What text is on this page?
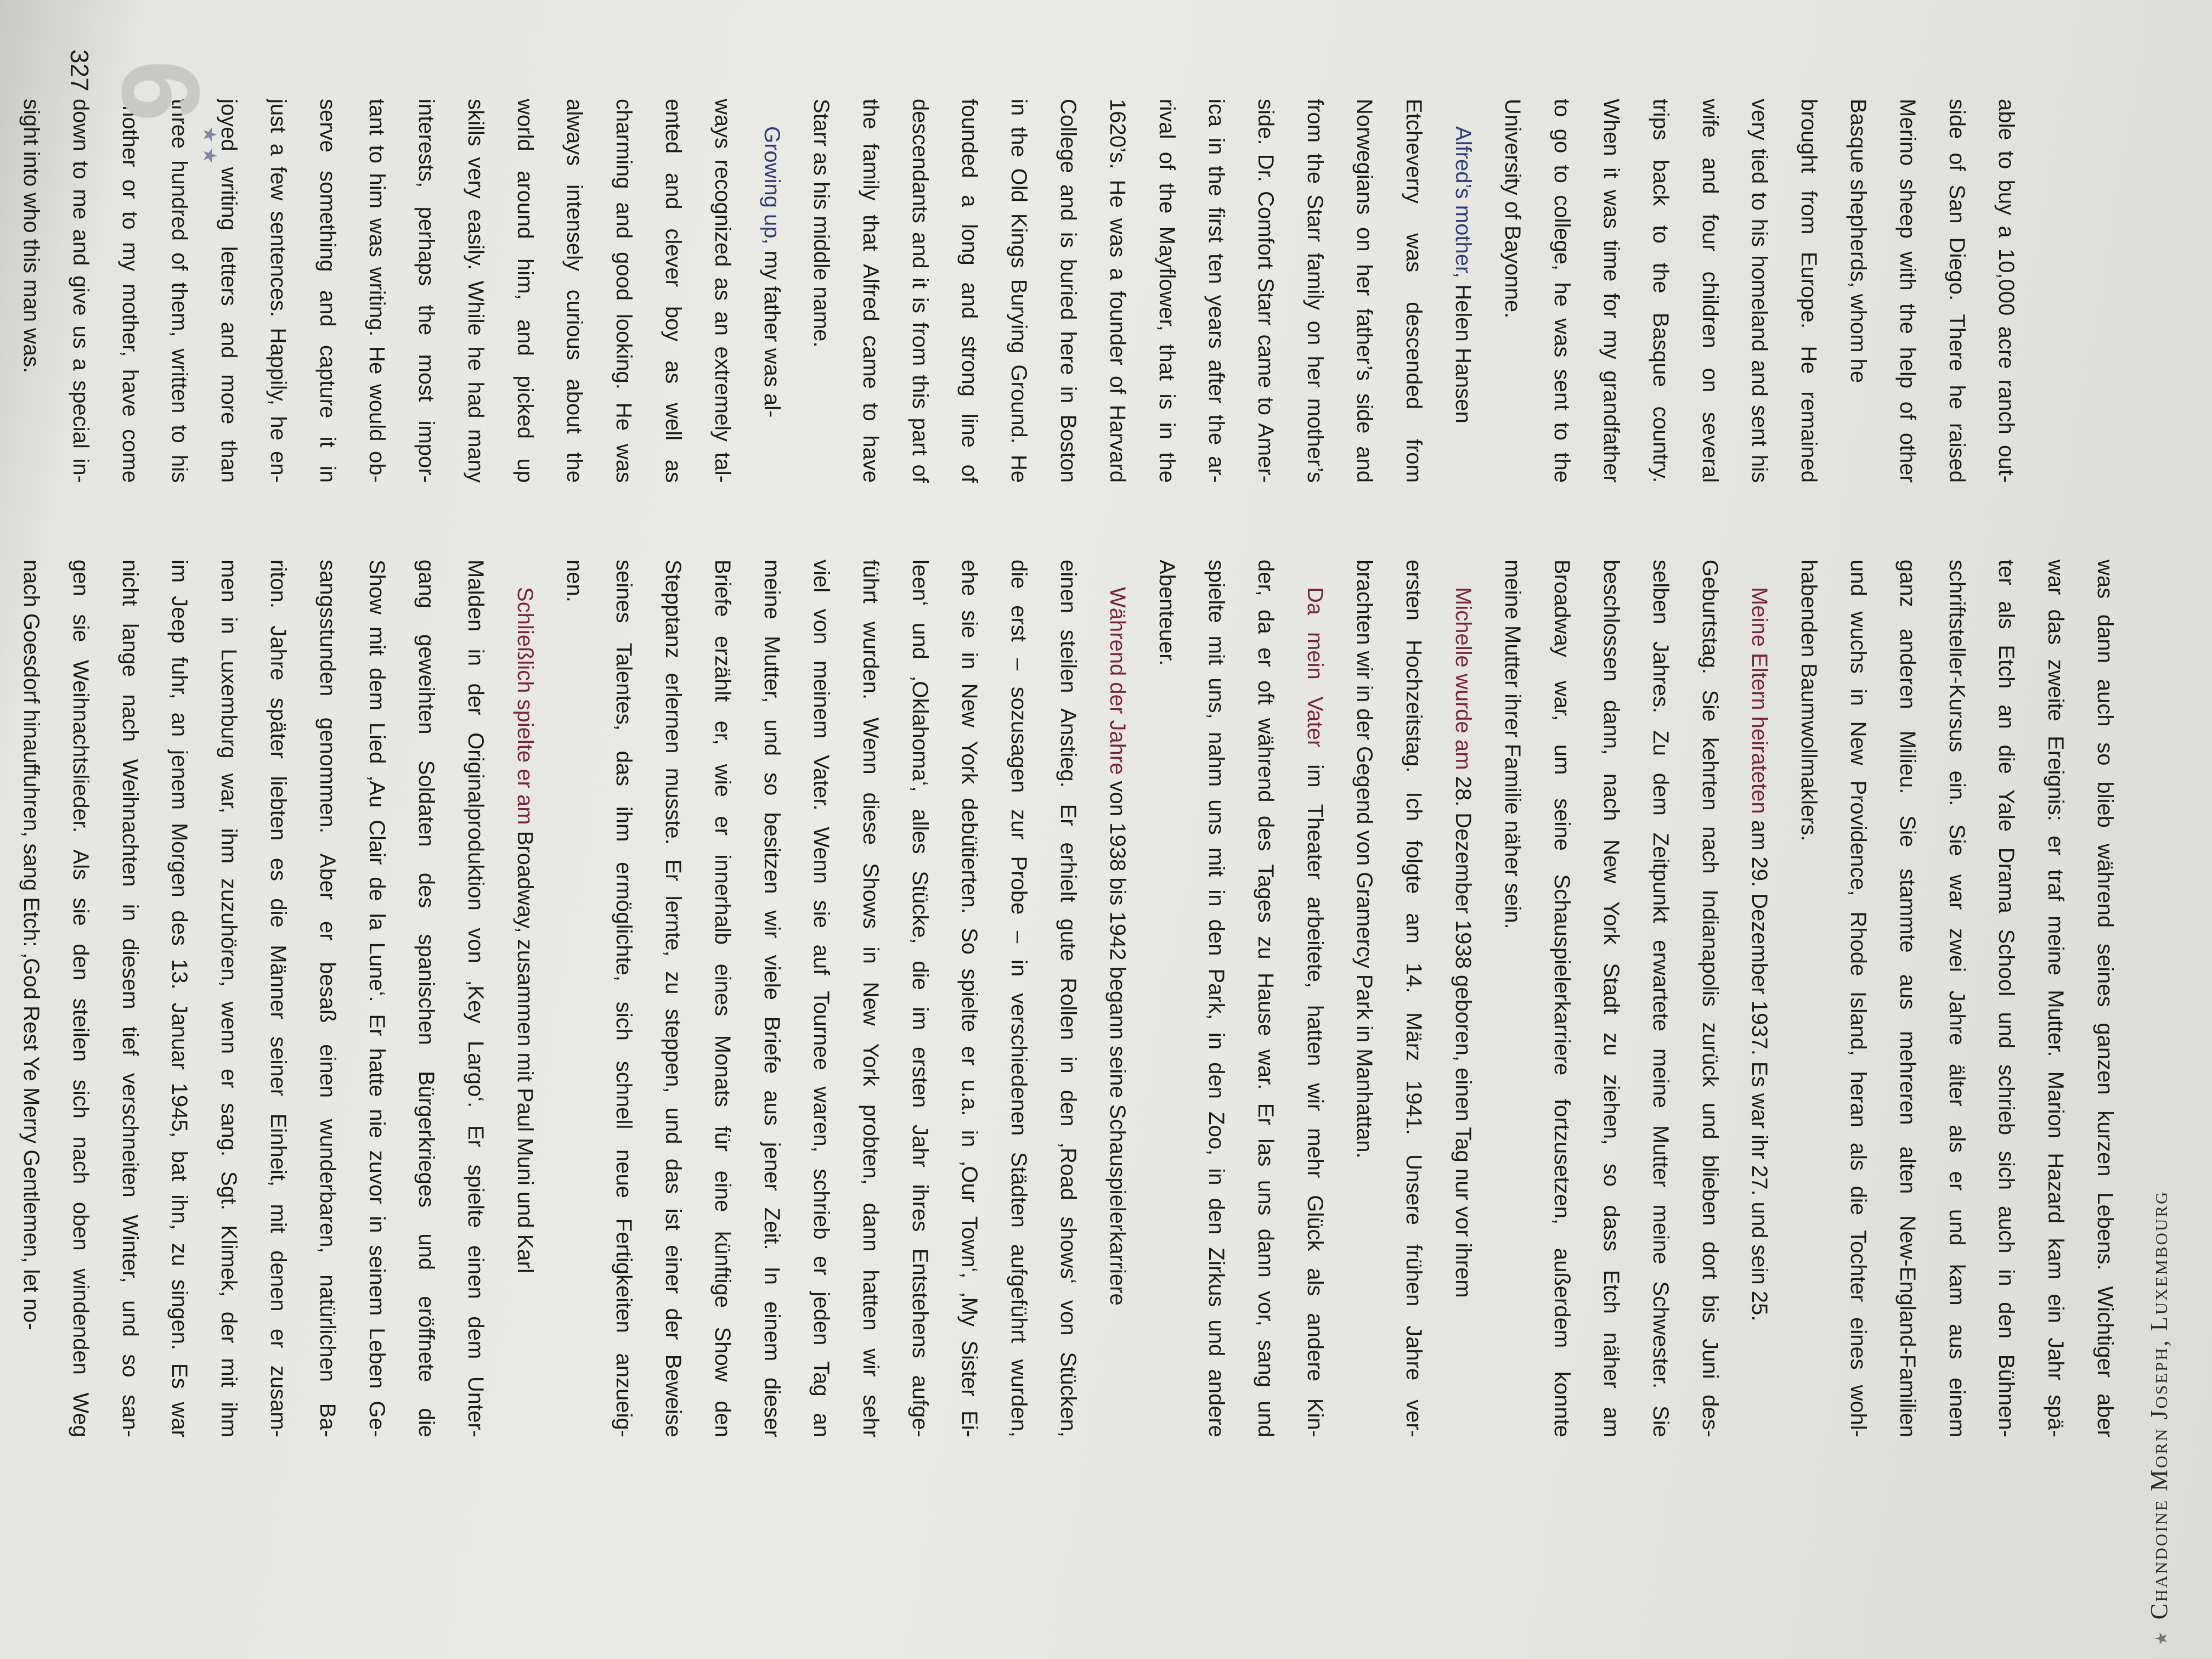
able to buy a 10,000 acre ranch out-
side of San Diego. There he raised
Merino sheep with the help of other
Basque shepherds, whom he
brought from Europe. He remained
very tied to his homeland and sent his
wife and four children on several
trips back to the Basque country.
When it was time for my grandfather
to go to college, he was sent to the
University of Bayonne.
Alfred’s mother, Helen Hansen
Etcheverry was descended from
Norwegians on her father’s side and
from the Starr family on her mother’s
side. Dr. Comfort Starr came to Amer-
ica in the first ten years after the ar-
rival of the Mayflower, that is in the
1620’s. He was a founder of Harvard
College and is buried here in Boston
in the Old Kings Burying Ground. He
founded a long and strong line of
descendants and it is from this part of
the family that Alfred came to have
Starr as his middle name.
Growing up, my father was al-
ways recognized as an extremely tal-
ented and clever boy as well as
charming and good looking. He was
always intensely curious about the
world around him, and picked up
skills very easily. While he had many
interests, perhaps the most impor-
tant to him was writing. He would ob-
serve something and capture it in
just a few sentences. Happily, he en-
joyed writing letters and more than
three hundred of them, written to his
mother or to my mother, have come
down to me and give us a special in-
sight into who this man was.
was dann auch so blieb während seines ganzen kurzen Lebens. Wichtiger aber
war das zweite Ereignis: er traf meine Mutter. Marion Hazard kam ein Jahr spä-
ter als Etch an die Yale Drama School und schrieb sich auch in den Bühnen-
schriftsteller-Kursus ein. Sie war zwei Jahre älter als er und kam aus einem
ganz anderen Milieu. Sie stammte aus mehreren alten New-England-Familien
und wuchs in New Providence, Rhode Island, heran als die Tochter eines wohl-
habenden Baumwollmaklers.
Meine Eltern heirateten am 29. Dezember 1937. Es war ihr 27. und sein 25.
Geburtstag. Sie kehrten nach Indianapolis zurück und blieben dort bis Juni des-
selben Jahres. Zu dem Zeitpunkt erwartete meine Mutter meine Schwester. Sie
beschlossen dann, nach New York Stadt zu ziehen, so dass Etch näher am
Broadway war, um seine Schauspielerkarriere fortzusetzen, außerdem konnte
meine Mutter ihrer Familie näher sein.
Michelle wurde am 28. Dezember 1938 geboren, einen Tag nur vor ihrem
ersten Hochzeitstag. Ich folgte am 14. März 1941. Unsere frühen Jahre ver-
brachten wir in der Gegend von Gramercy Park in Manhattan.
Da mein Vater im Theater arbeitete, hatten wir mehr Glück als andere Kin-
der, da er oft während des Tages zu Hause war. Er las uns dann vor, sang und
spielte mit uns, nahm uns mit in den Park, in den Zoo, in den Zirkus und andere
Abenteuer.
Während der Jahre von 1938 bis 1942 begann seine Schauspielerkarriere
einen steilen Anstieg. Er erhielt gute Rollen in den ‚Road shows‘ von Stücken,
die erst – sozusagen zur Probe – in verschiedenen Städten aufgeführt wurden,
ehe sie in New York debütierten. So spielte er u.a. in ‚Our Town‘, ‚My Sister Ei-
leen‘ und ‚Oklahoma‘, alles Stücke, die im ersten Jahr ihres Entstehens aufge-
führt wurden. Wenn diese Shows in New York probten, dann hatten wir sehr
viel von meinem Vater. Wenn sie auf Tournee waren, schrieb er jeden Tag an
meine Mutter, und so besitzen wir viele Briefe aus jener Zeit. In einem dieser
Briefe erzählt er, wie er innerhalb eines Monats für eine künftige Show den
Stepptanz erlernen musste. Er lernte, zu steppen, und das ist einer der Beweise
seines Talentes, das ihm ermöglichte, sich schnell neue Fertigkeiten anzueig-
nen.
Schließlich spielte er am Broadway, zusammen mit Paul Muni und Karl
Malden in der Originalproduktion von ‚Key Largo‘. Er spielte einen dem Unter-
gang geweihten Soldaten des spanischen Bürgerkrieges und eröffnete die
Show mit dem Lied ‚Au Clair de la Lune‘. Er hatte nie zuvor in seinem Leben Ge-
sangsstunden genommen. Aber er besaß einen wunderbaren, natürlichen Ba-
riton. Jahre später liebten es die Männer seiner Einheit, mit denen er zusam-
men in Luxemburg war, ihm zuzuhören, wenn er sang. Sgt. Klimek, der mit ihm
im Jeep fuhr, an jenem Morgen des 13. Januar 1945, bat ihn, zu singen. Es war
nicht lange nach Weihnachten in diesem tief verschneiten Winter, und so san-
gen sie Weihnachtslieder. Als sie den steilen sich nach oben windenden Weg
nach Goesdorf hinauffuhren, sang Etch: ‚God Rest Ye Merry Gentlemen, let no-
6
★★
327
★Chandoine Morn Joseph, Luxembourg
